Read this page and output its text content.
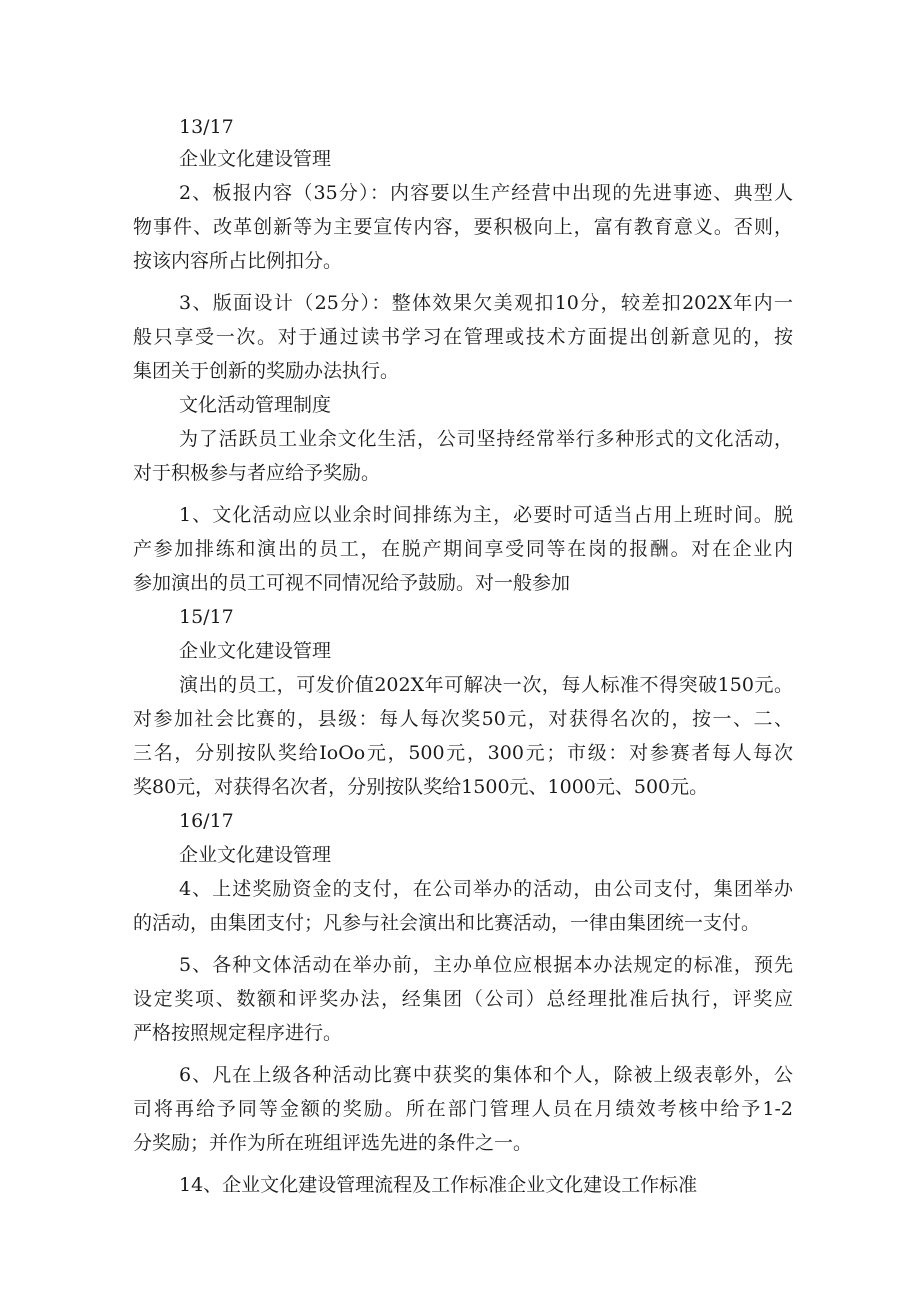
13/17
企业文化建设管理
2、板报内容（35分）：内容要以生产经营中出现的先进事迹、典型人
物事件、改革创新等为主要宣传内容，要积极向上，富有教育意义。否则，
按该内容所占比例扣分。
3、版面设计（25分）：整体效果欠美观扣10分，较差扣202X年内一
般只享受一次。对于通过读书学习在管理或技术方面提出创新意见的，按
集团关于创新的奖励办法执行。
文化活动管理制度
为了活跃员工业余文化生活，公司坚持经常举行多种形式的文化活动，
对于积极参与者应给予奖励。
1、文化活动应以业余时间排练为主，必要时可适当占用上班时间。脱
产参加排练和演出的员工，在脱产期间享受同等在岗的报酬。对在企业内
参加演出的员工可视不同情况给予鼓励。对一般参加
15/17
企业文化建设管理
演出的员工，可发价值202X年可解决一次，每人标准不得突破150元。
对参加社会比赛的，县级：每人每次奖50元，对获得名次的，按一、二、
三名，分别按队奖给IoOo元，500元，300元；市级：对参赛者每人每次
奖80元，对获得名次者，分别按队奖给1500元、1000元、500元。
16/17
企业文化建设管理
4、上述奖励资金的支付，在公司举办的活动，由公司支付，集团举办
的活动，由集团支付；凡参与社会演出和比赛活动，一律由集团统一支付。
5、各种文体活动在举办前，主办单位应根据本办法规定的标准，预先
设定奖项、数额和评奖办法，经集团（公司）总经理批准后执行，评奖应
严格按照规定程序进行。
6、凡在上级各种活动比赛中获奖的集体和个人，除被上级表彰外，公
司将再给予同等金额的奖励。所在部门管理人员在月绩效考核中给予1-2
分奖励；并作为所在班组评选先进的条件之一。
14、企业文化建设管理流程及工作标准企业文化建设工作标准
